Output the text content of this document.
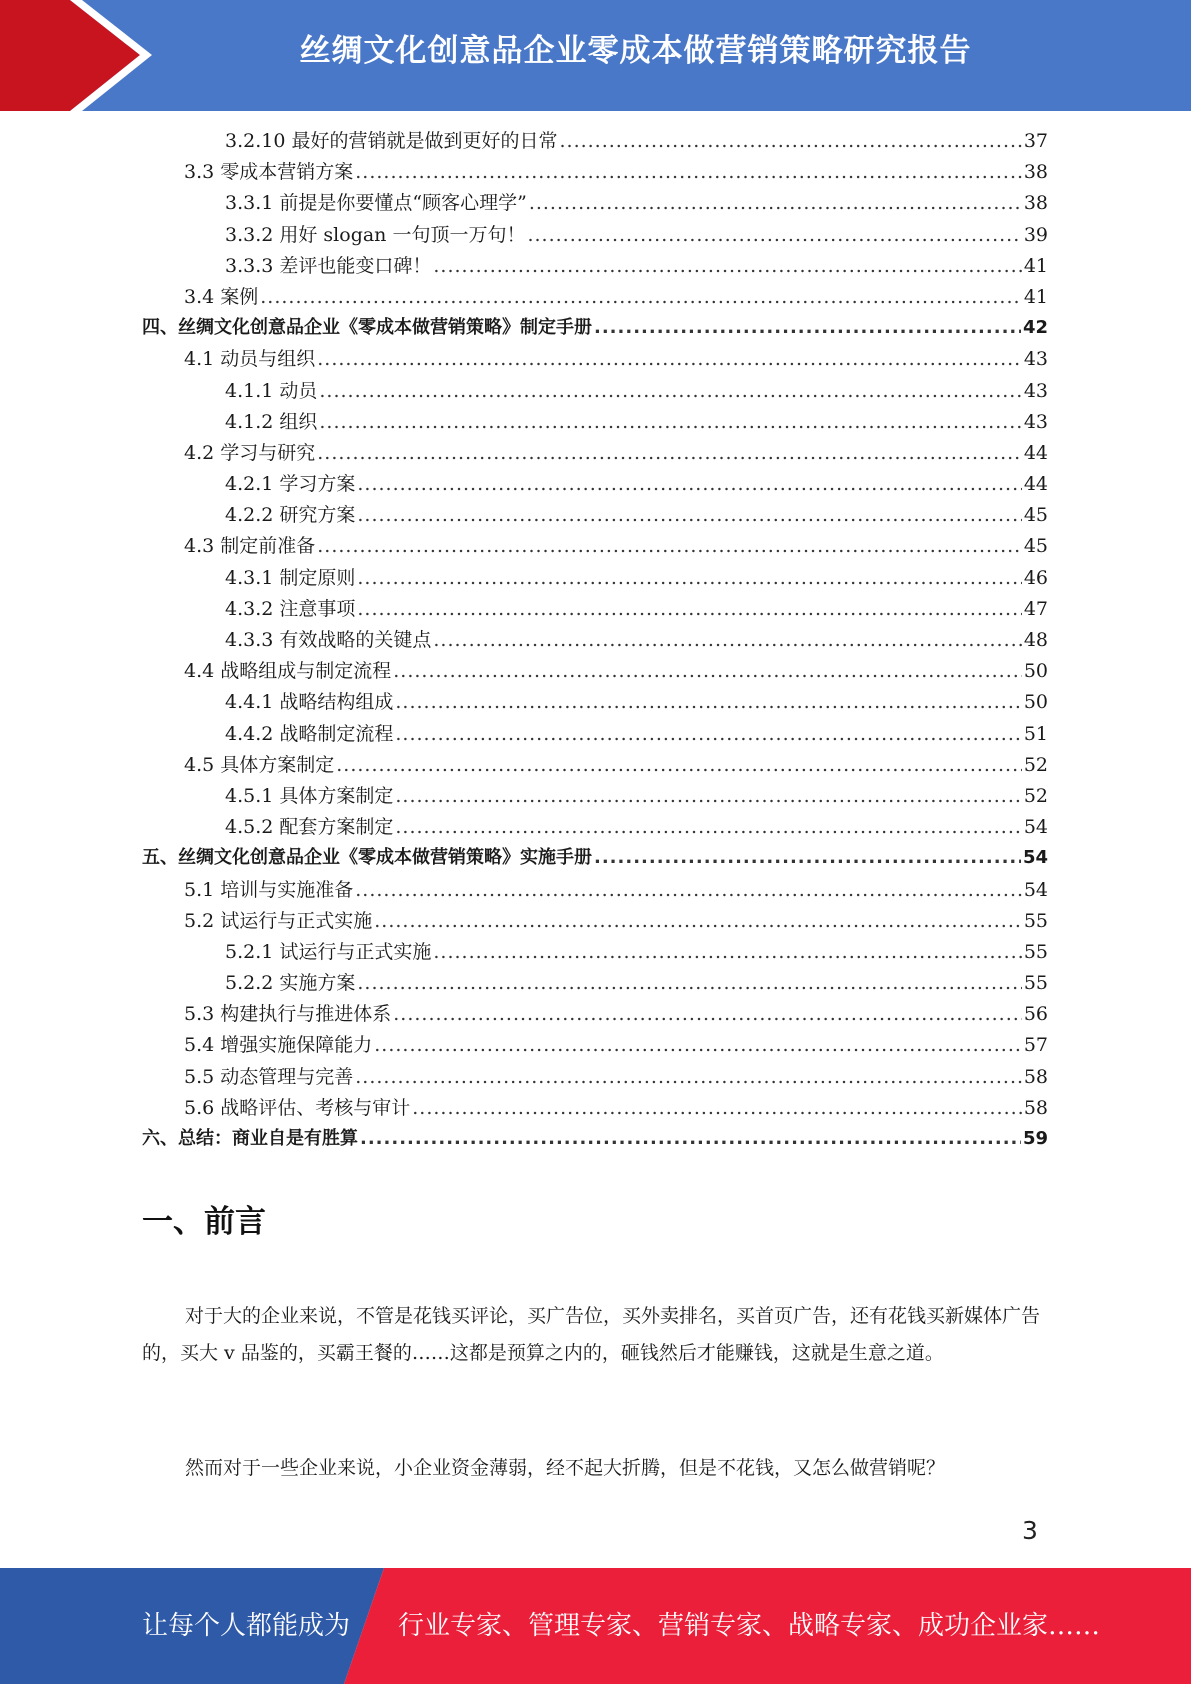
丝绸文化创意品企业零成本做营销策略研究报告
3.2.10 最好的营销就是做到更好的日常 .....	37
3.3 零成本营销方案 .....	38
3.3.1 前提是你要懂点“顾客心理学” .....	38
3.3.2 用好 slogan 一句顶一万句！ .....	39
3.3.3 差评也能变口碑！ .....	41
3.4 案例 .....	41
四、丝绸文化创意品企业《零成本做营销策略》制定手册 .....	42
4.1 动员与组织 .....	43
4.1.1 动员 .....	43
4.1.2 组织 .....	43
4.2 学习与研究 .....	44
4.2.1 学习方案 .....	44
4.2.2 研究方案 .....	45
4.3 制定前准备 .....	45
4.3.1 制定原则 .....	46
4.3.2 注意事项 .....	47
4.3.3 有效战略的关键点 .....	48
4.4 战略组成与制定流程 .....	50
4.4.1 战略结构组成 .....	50
4.4.2 战略制定流程 .....	51
4.5 具体方案制定 .....	52
4.5.1 具体方案制定 .....	52
4.5.2 配套方案制定 .....	54
五、丝绸文化创意品企业《零成本做营销策略》实施手册 .....	54
5.1 培训与实施准备 .....	54
5.2 试运行与正式实施 .....	55
5.2.1 试运行与正式实施 .....	55
5.2.2 实施方案 .....	55
5.3 构建执行与推进体系 .....	56
5.4 增强实施保障能力 .....	57
5.5 动态管理与完善 .....	58
5.6 战略评估、考核与审计 .....	58
六、总结：商业自是有胜算 .....	59
一、前言

对于大的企业来说，不管是花钱买评论，买广告位，买外卖排名，买首页广告，还有花钱买新媒体广告的，买大 v 品鉴的，买霸王餐的……这都是预算之内的，砸钱然后才能赚钱，这就是生意之道。

然而对于一些企业来说，小企业资金薄弱，经不起大折腾，但是不花钱，又怎么做营销呢？

3
让每个人都能成为 行业专家、管理专家、营销专家、战略专家、成功企业家……
